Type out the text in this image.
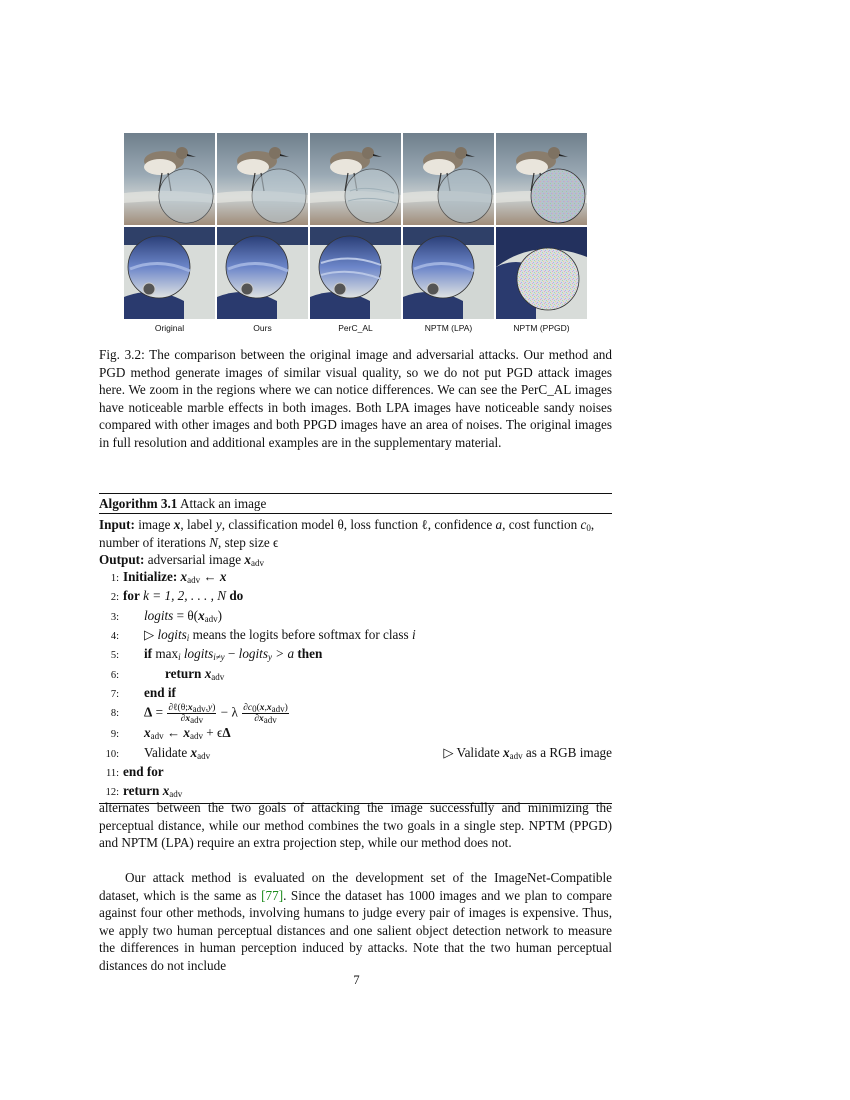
Original	Ours	PerC_AL	NPTM (LPA)	NPTM (PPGD)
Fig. 3.2: The comparison between the original image and adversarial attacks. Our method and PGD method generate images of similar visual quality, so we do not put PGD attack images here. We zoom in the regions where we can notice differences. We can see the PerC_AL images have noticeable marble effects in both images. Both LPA images have noticeable sandy noises compared with other images and both PPGD images have an area of noises. The original images in full resolution and additional examples are in the supplementary material.
Algorithm 3.1 Attack an image
Input: image x, label y, classification model θ, loss function ℓ, confidence a, cost function $c_0$, number of iterations N, step size ϵ
Output: adversarial image $x_{adv}$
1: Initialize: $x_{adv}$ ← x
2: for k = 1, 2, . . . , N do
3:	logits = $\theta(x_{adv})$
4:	▷ logits$_i$ means the logits before softmax for class i
5:	if $\max_i$ logits$_{i\ne y}$ − logits$_y$ > a then
6:	return $x_{adv}$
7:	end if
8:	$\Delta = \frac{\partial\ell(\theta;x_{adv},y)}{\partial x_{adv}} - \lambda \frac{\partial c_0(x,x_{adv})}{\partial x_{adv}}$
9:	$x_{adv}$ ← $x_{adv} + \epsilon\Delta$
10: Validate $x_{adv}$	▷ Validate $x_{adv}$ as a RGB image
11: end for
12: return $x_{adv}$
alternates between the two goals of attacking the image successfully and minimizing the perceptual distance, while our method combines the two goals in a single step. NPTM (PPGD) and NPTM (LPA) require an extra projection step, while our method does not.
Our attack method is evaluated on the development set of the ImageNet-Compatible dataset, which is the same as [77]. Since the dataset has 1000 images and we plan to compare against four other methods, involving humans to judge every pair of images is expensive. Thus, we apply two human perceptual distances and one salient object detection network to measure the differences in human perception induced by attacks. Note that the two human perceptual distances do not include
7
